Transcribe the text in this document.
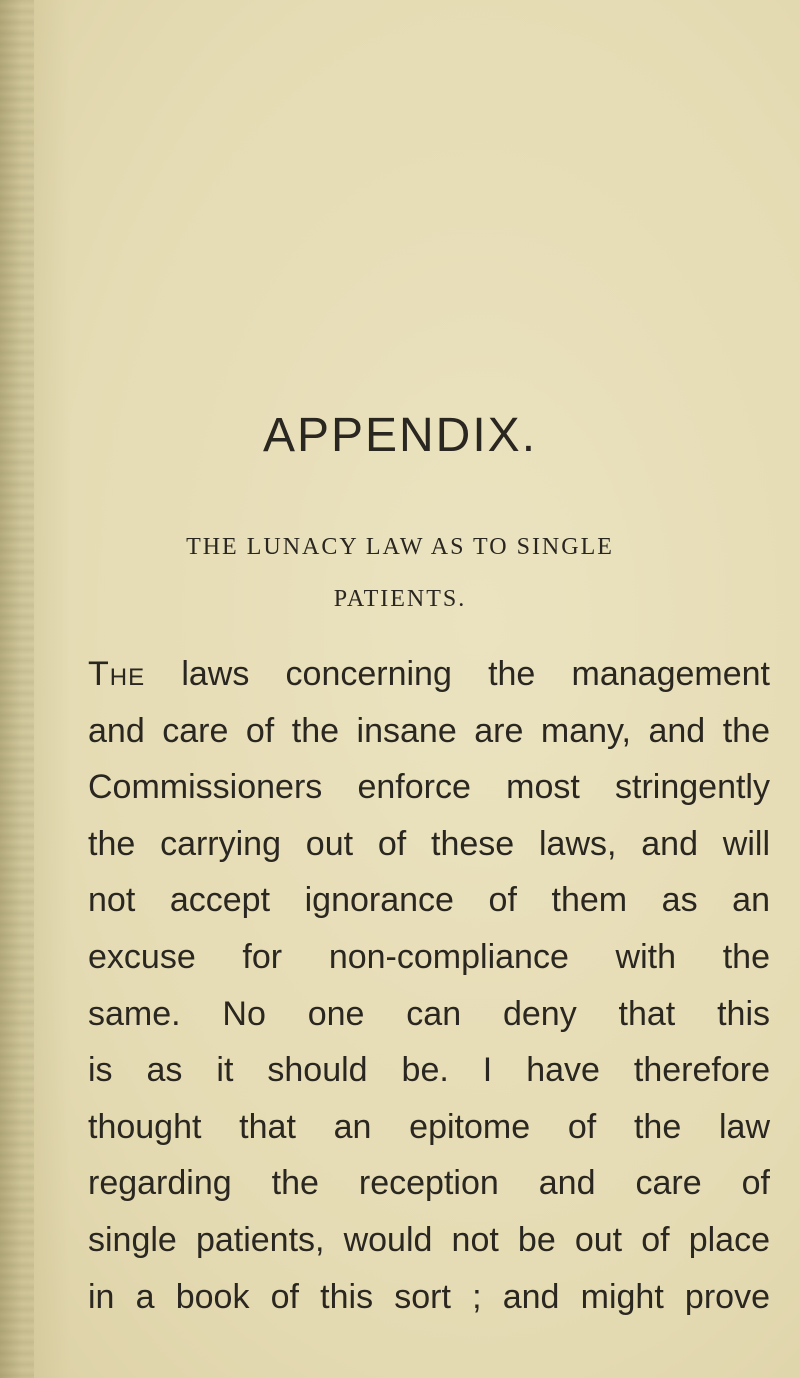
APPENDIX.

THE LUNACY LAW AS TO SINGLE

PATIENTS.

The laws concerning the management
and care of the insane are many, and the
Commissioners enforce most stringently
the carrying out of these laws, and will
not accept ignorance of them as an
excuse for non-compliance with the
same. No one can deny that this
is as it should be. I have therefore
thought that an epitome of the law
regarding the reception and care of
single patients, would not be out of place
in a book of this sort ; and might prove
